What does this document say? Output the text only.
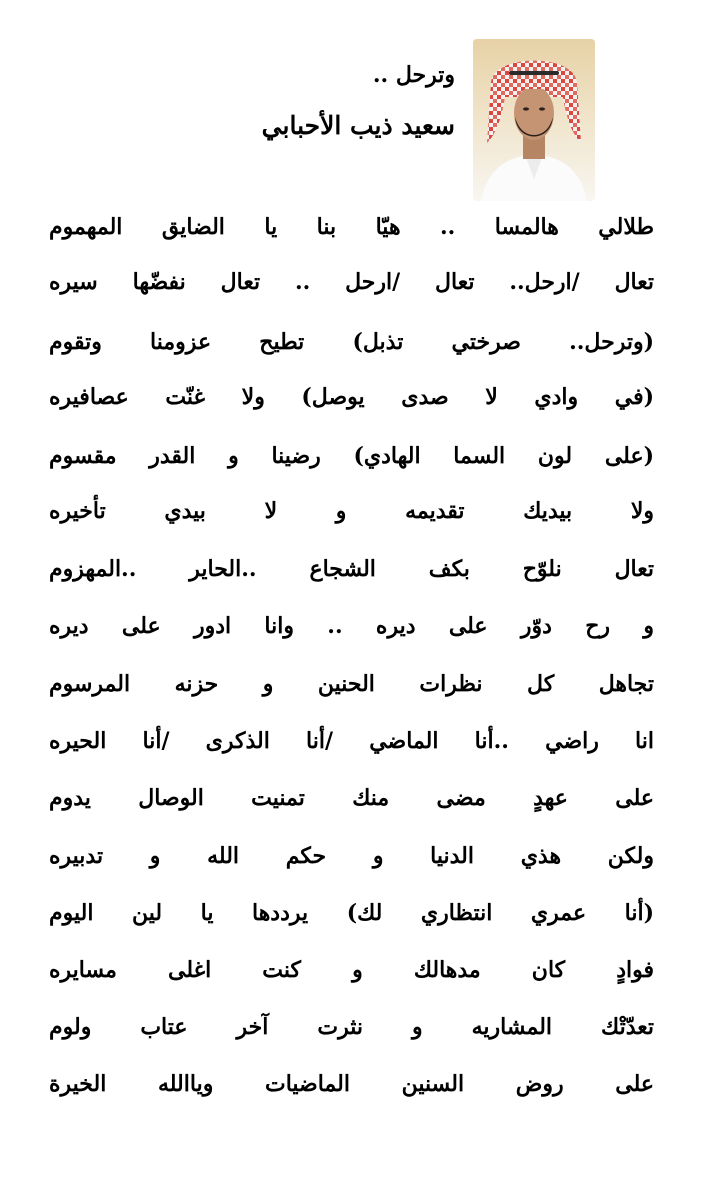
وترحل ..
سعيد ذيب الأحبابي
طلالي هالمسا .. هيّا بنا يا الضايق المهموم
تعال /ارحل.. تعال /ارحل .. تعال نفضّها سيره
(وترحل.. صرختي تذبل) تطيح عزومنا وتقوم
(في وادي لا صدى يوصل) ولا غنّت عصافيره
(على لون السما الهادي) رضينا و القدر مقسوم
ولا بيديك تقديمه و لا بيدي تأخيره
تعال نلوّح بكف الشجاع ..الحاير ..المهزوم
و رح دوّر على ديره .. وانا ادور على ديره
تجاهل كل نظرات الحنين و حزنه المرسوم
انا راضي ..أنا الماضي /أنا الذكرى /أنا الحيره
على عهدٍ مضى منك تمنيت الوصال يدوم
ولكن هذي الدنيا و حكم الله و تدبيره
(أنا عمري انتظاري لك) يرددها يا لين اليوم
فوادٍ كان مدهالك و كنت اغلى مسايره
تعدّتْك المشاريه و نثرت آخر عتاب ولوم
على روض السنين الماضيات وياالله الخيرة
